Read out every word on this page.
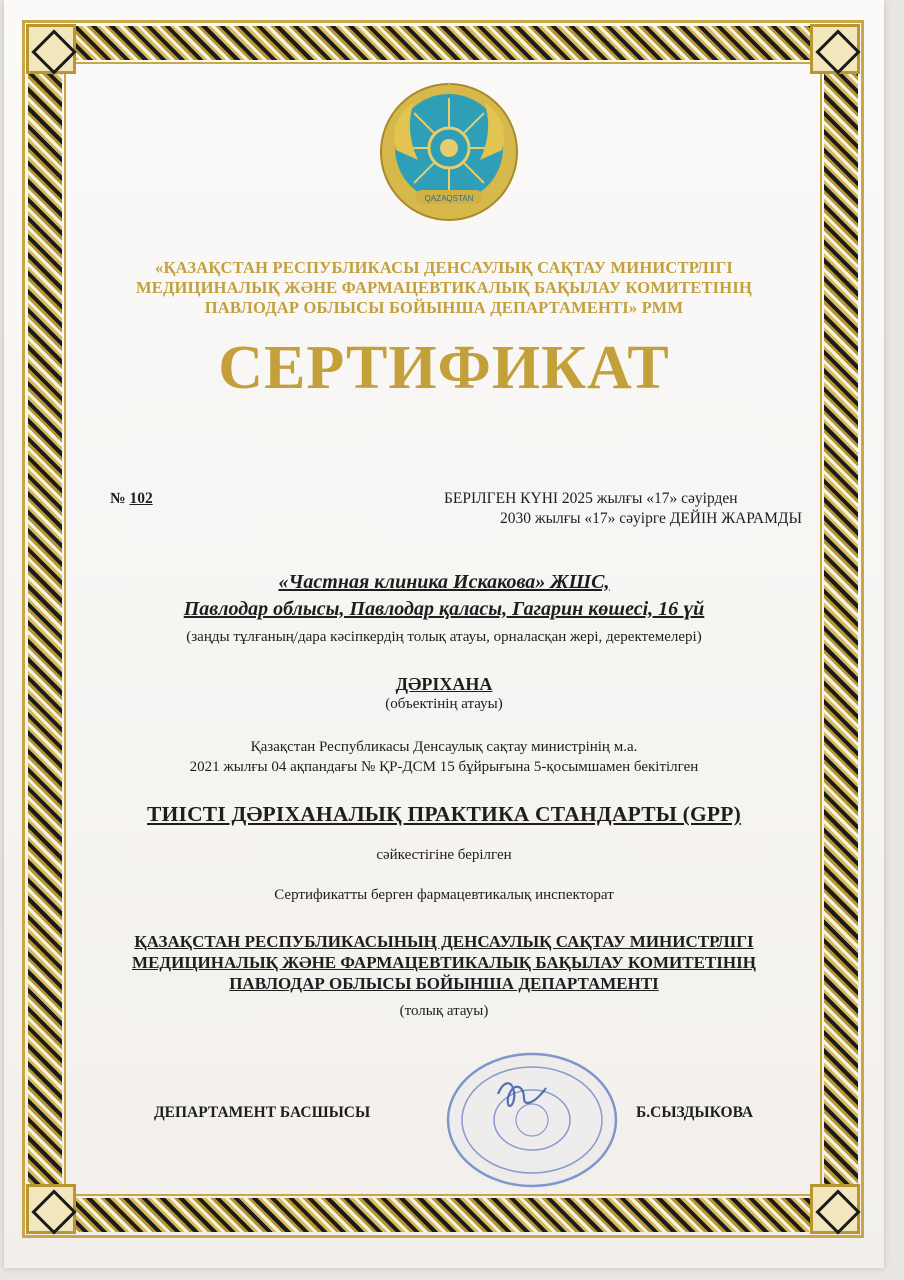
QAZAQSTAN
«ҚАЗАҚСТАН РЕСПУБЛИКАСЫ ДЕНСАУЛЫҚ САҚТАУ МИНИСТРЛІГІ
МЕДИЦИНАЛЫҚ ЖӘНЕ ФАРМАЦЕВТИКАЛЫҚ БАҚЫЛАУ КОМИТЕТІНІҢ
ПАВЛОДАР ОБЛЫСЫ БОЙЫНША ДЕПАРТАМЕНТІ» РММ
СЕРТИФИКАТ
№ 102	БЕРІЛГЕН КҮНІ 2025 жылғы «17» сәуірден
2030 жылғы «17» сәуірге ДЕЙІН ЖАРАМДЫ
«Частная клиника Искакова» ЖШС,
Павлодар облысы, Павлодар қаласы, Гагарин көшесі, 16 үй
(заңды тұлғаның/дара кәсіпкердің толық атауы, орналасқан жері, деректемелері)
ДӘРІХАНА
(объектінің атауы)
Қазақстан Республикасы Денсаулық сақтау министрінің м.а.
2021 жылғы 04 ақпандағы № ҚР-ДСМ 15 бұйрығына 5-қосымшамен бекітілген
ТИІСТІ ДӘРІХАНАЛЫҚ ПРАКТИКА СТАНДАРТЫ (GPP)
сәйкестігіне берілген
Сертификатты берген фармацевтикалық инспекторат
ҚАЗАҚСТАН РЕСПУБЛИКАСЫНЫҢ ДЕНСАУЛЫҚ САҚТАУ МИНИСТРЛІГІ
МЕДИЦИНАЛЫҚ ЖӘНЕ ФАРМАЦЕВТИКАЛЫҚ БАҚЫЛАУ КОМИТЕТІНІҢ
ПАВЛОДАР ОБЛЫСЫ БОЙЫНША ДЕПАРТАМЕНТІ
(толық атауы)
ДЕПАРТАМЕНТ БАСШЫСЫ	Б.СЫЗДЫКОВА
